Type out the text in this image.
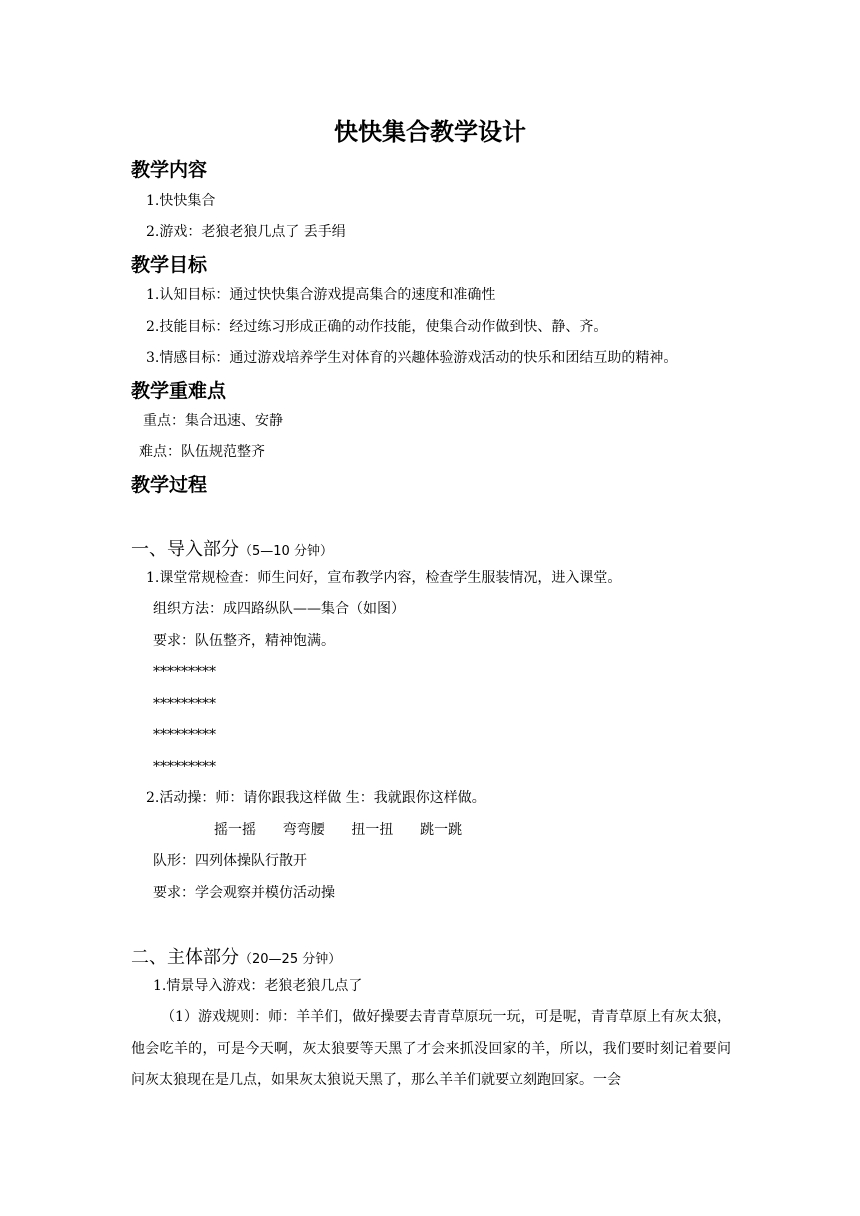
快快集合教学设计
教学内容
1.快快集合
2.游戏：老狼老狼几点了 丢手绢
教学目标
1.认知目标：通过快快集合游戏提高集合的速度和准确性
2.技能目标：经过练习形成正确的动作技能，使集合动作做到快、静、齐。
3.情感目标：通过游戏培养学生对体育的兴趣体验游戏活动的快乐和团结互助的精神。
教学重难点
重点：集合迅速、安静
难点：队伍规范整齐
教学过程
一、导入部分（5—10 分钟）
1.课堂常规检查：师生问好，宣布教学内容，检查学生服装情况，进入课堂。
组织方法：成四路纵队——集合（如图）
要求：队伍整齐，精神饱满。
*********
*********
*********
*********
2.活动操：师：请你跟我这样做 生：我就跟你这样做。
摇一摇      弯弯腰      扭一扭      跳一跳
队形：四列体操队行散开
要求：学会观察并模仿活动操
二、主体部分（20—25 分钟）
1.情景导入游戏：老狼老狼几点了
（1）游戏规则：师：羊羊们，做好操要去青青草原玩一玩，可是呢，青青草原上有灰太狼，他会吃羊的，可是今天啊，灰太狼要等天黑了才会来抓没回家的羊，所以，我们要时刻记着要问问灰太狼现在是几点，如果灰太狼说天黑了，那么羊羊们就要立刻跑回家。一会
